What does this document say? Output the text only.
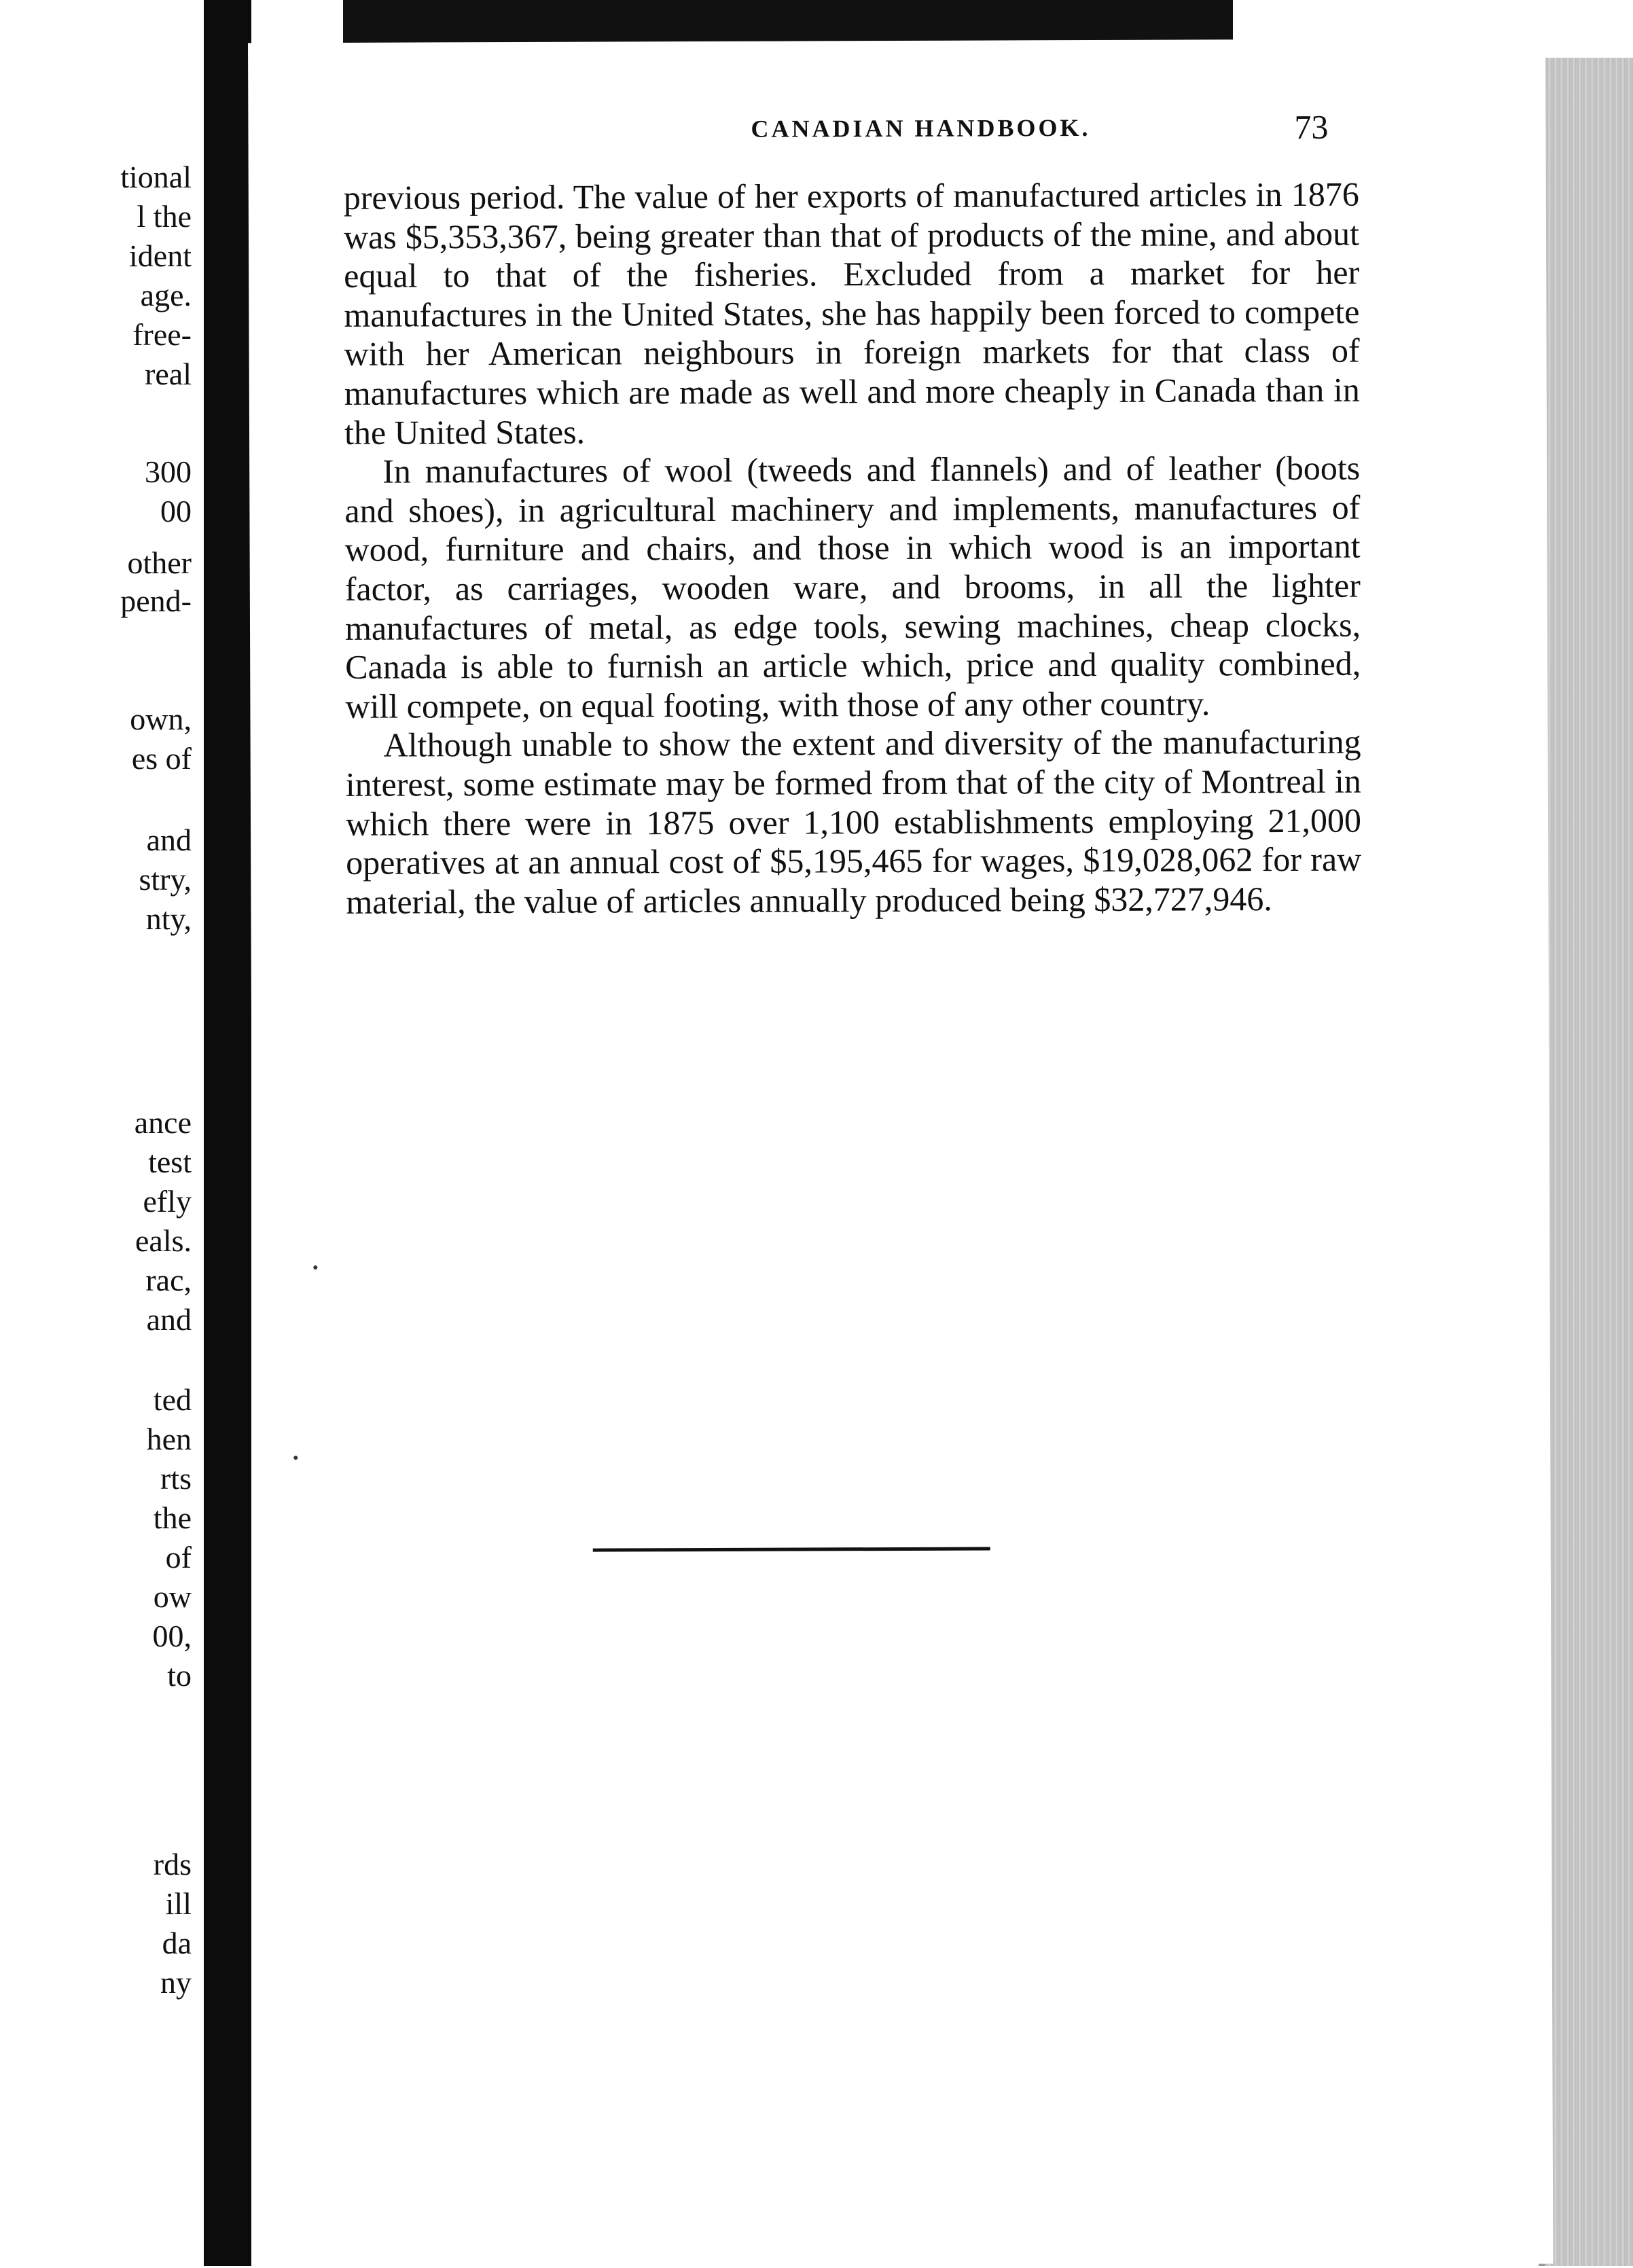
tional
l the
ident
age.
free-
real
300
00
other
pend-
own,
es of
and
stry,
nty,
ance
test
efly
eals.
rac,
and
ted
hen
rts
the
of
ow
00,
to
rds
ill
da
ny
CANADIAN HANDBOOK.	73

previous period. The value of her exports of manufactured articles in 1876 was $5,353,367, being greater than that of products of the mine, and about equal to that of the fisheries. Excluded from a market for her manufactures in the United States, she has happily been forced to compete with her American neighbours in foreign markets for that class of manufactures which are made as well and more cheaply in Canada than in the United States.

In manufactures of wool (tweeds and flannels) and of leather (boots and shoes), in agricultural machinery and implements, manufactures of wood, furniture and chairs, and those in which wood is an important factor, as carriages, wooden ware, and brooms, in all the lighter manufactures of metal, as edge tools, sewing machines, cheap clocks, Canada is able to furnish an article which, price and quality combined, will compete, on equal footing, with those of any other country.

Although unable to show the extent and diversity of the manufacturing interest, some estimate may be formed from that of the city of Montreal in which there were in 1875 over 1,100 establishments employing 21,000 operatives at an annual cost of $5,195,465 for wages, $19,028,062 for raw material, the value of articles annually produced being $32,727,946.
